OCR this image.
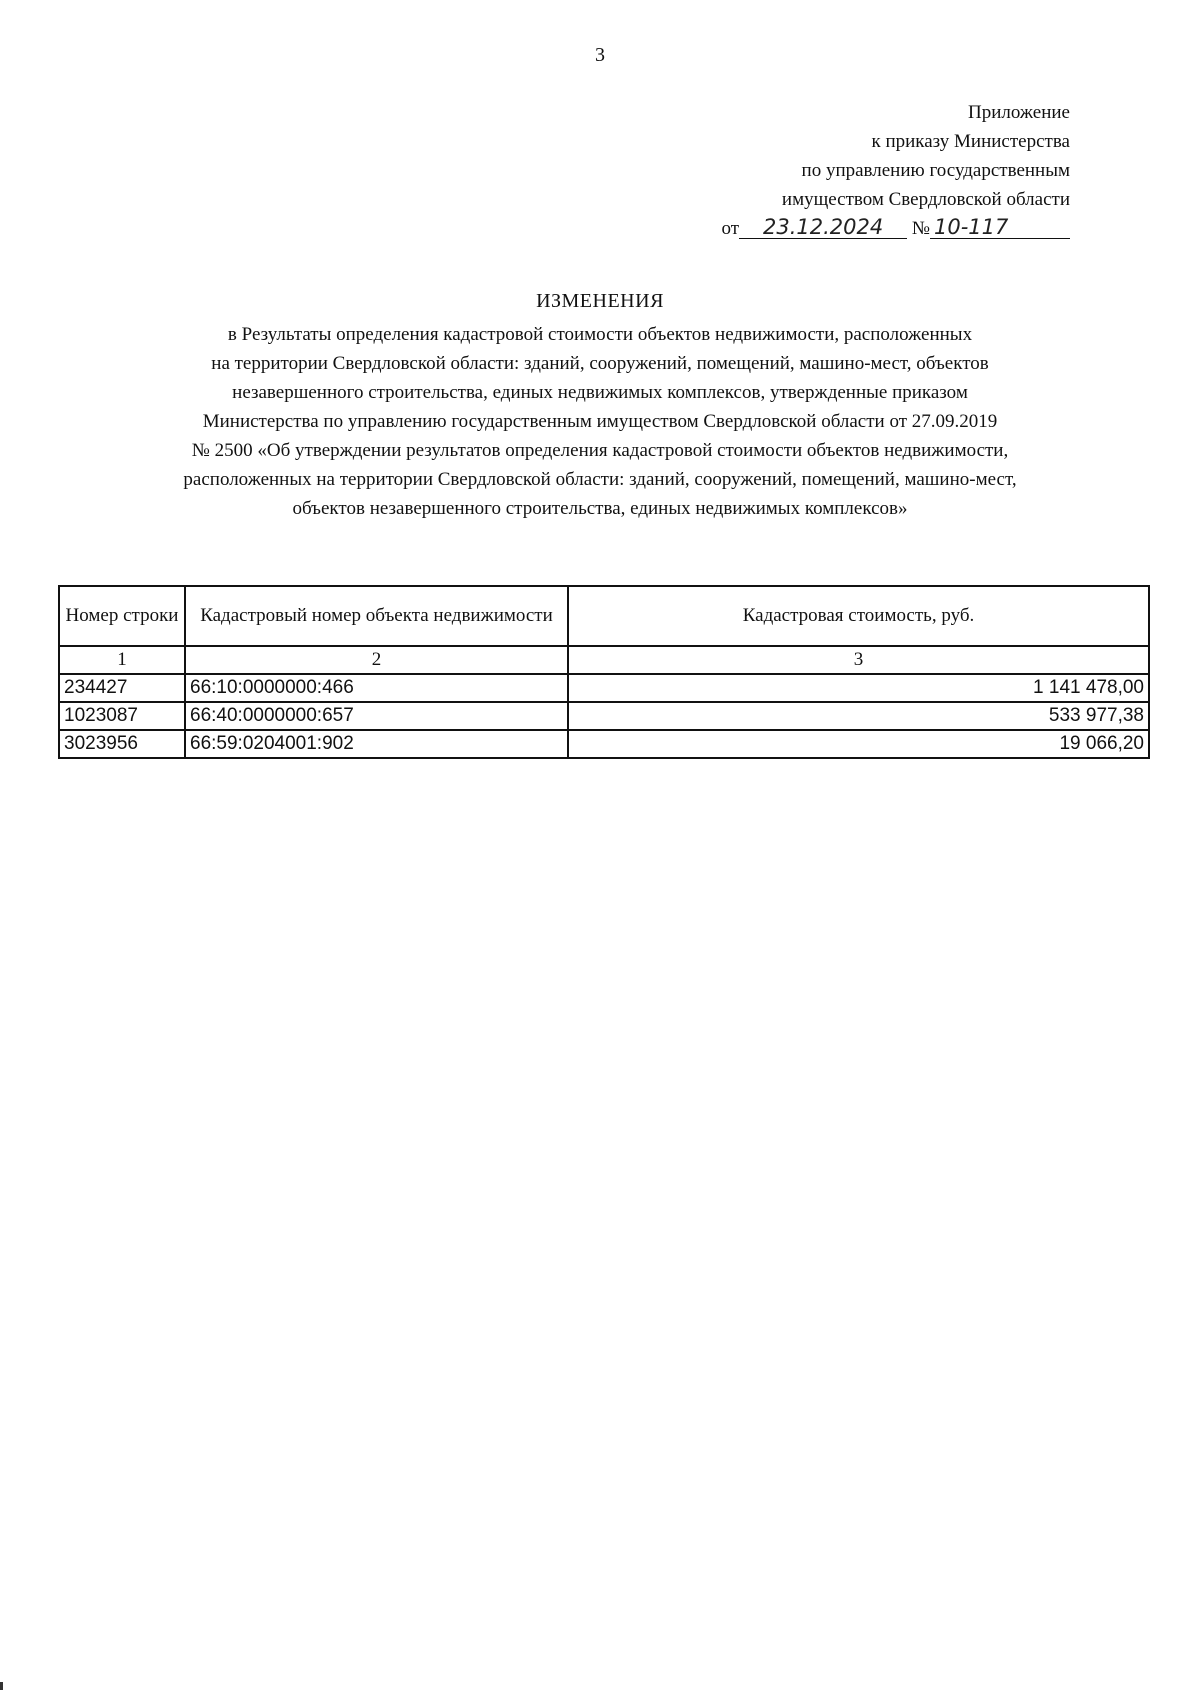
3
Приложение
к приказу Министерства
по управлению государственным
имуществом Свердловской области
от 23.12.2024 № 10-117
ИЗМЕНЕНИЯ
в Результаты определения кадастровой стоимости объектов недвижимости, расположенных
на территории Свердловской области: зданий, сооружений, помещений, машино-мест, объектов
незавершенного строительства, единых недвижимых комплексов, утвержденные приказом
Министерства по управлению государственным имуществом Свердловской области от 27.09.2019
№ 2500 «Об утверждении результатов определения кадастровой стоимости объектов недвижимости,
расположенных на территории Свердловской области: зданий, сооружений, помещений, машино-мест,
объектов незавершенного строительства, единых недвижимых комплексов»
Номер строки	Кадастровый номер объекта недвижимости	Кадастровая стоимость, руб.
1	2	3
234427	66:10:0000000:466	1 141 478,00
1023087	66:40:0000000:657	533 977,38
3023956	66:59:0204001:902	19 066,20
